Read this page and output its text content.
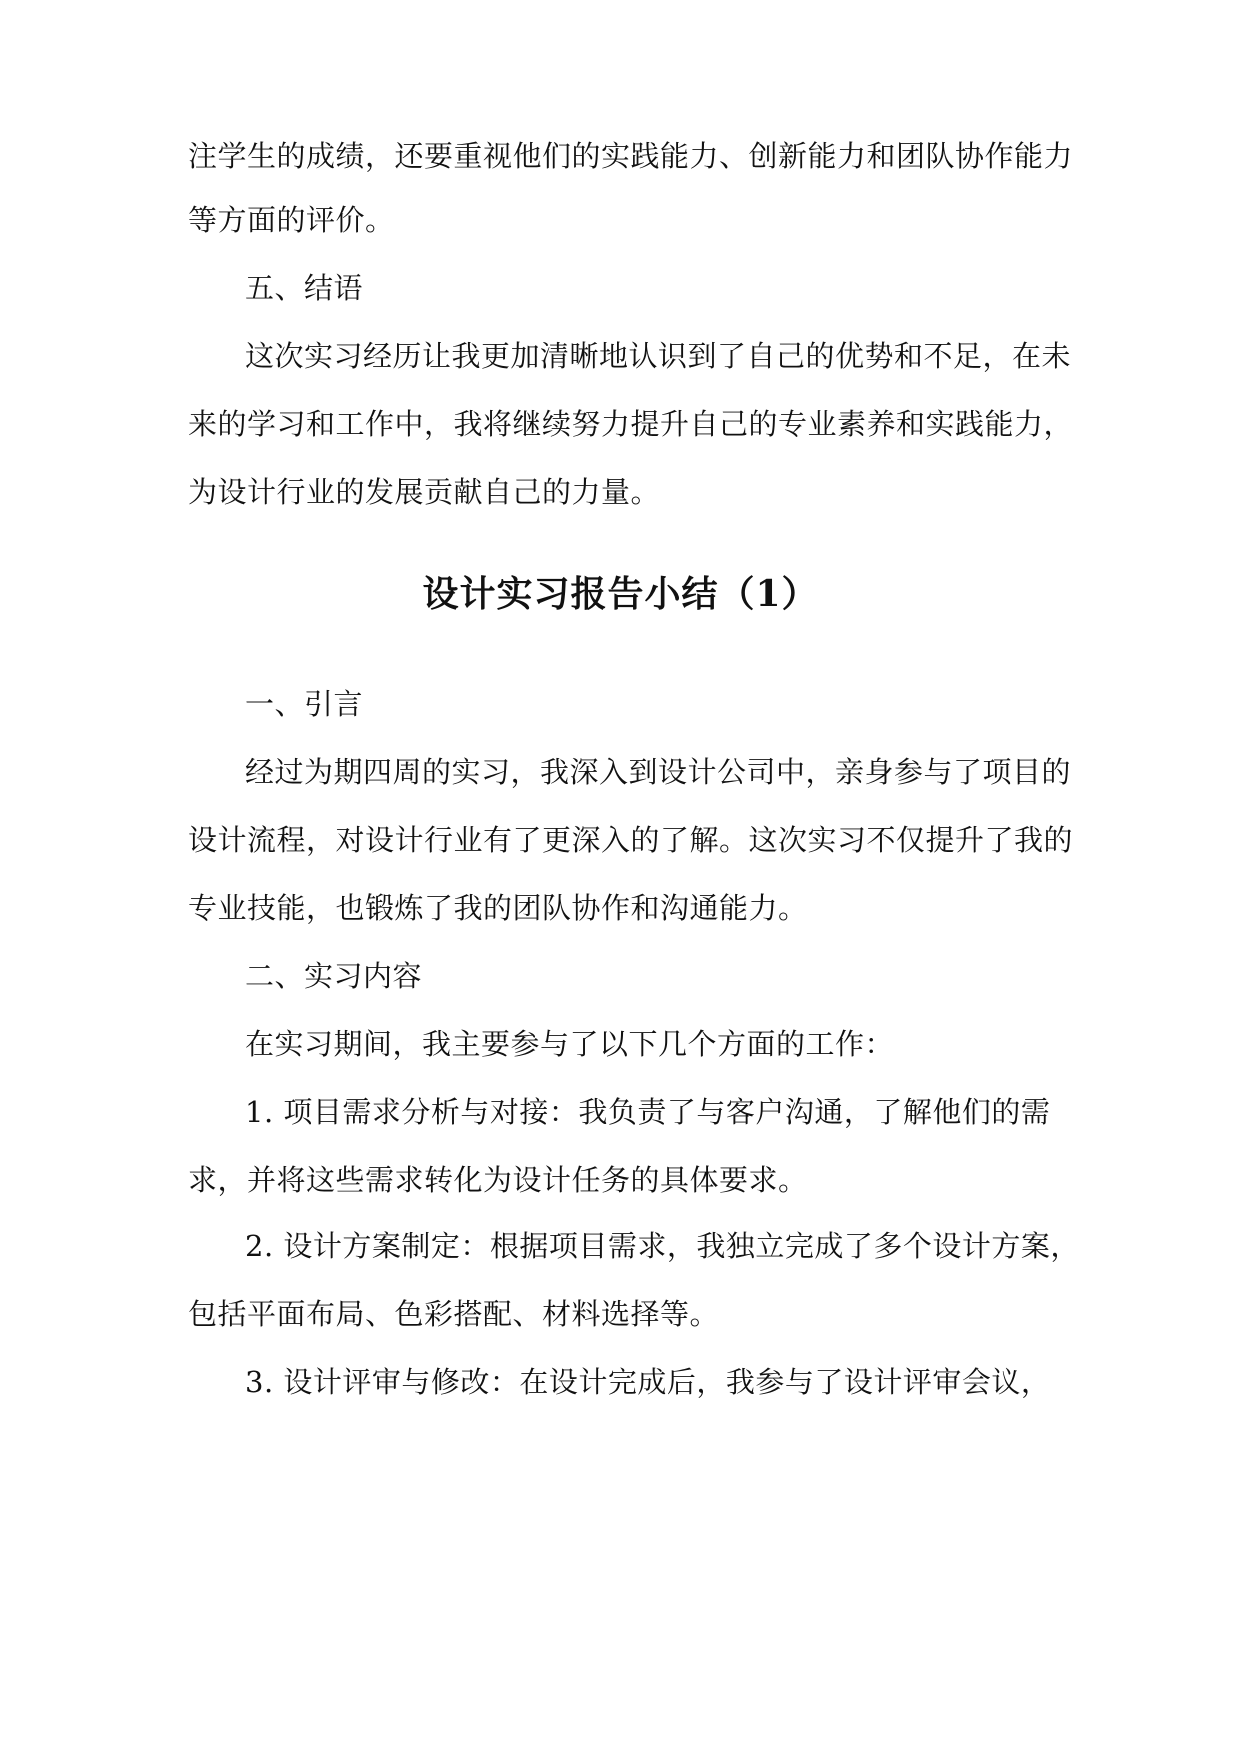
注学生的成绩，还要重视他们的实践能力、创新能力和团队协作能力
等方面的评价。
五、结语
这次实习经历让我更加清晰地认识到了自己的优势和不足，在未
来的学习和工作中，我将继续努力提升自己的专业素养和实践能力，
为设计行业的发展贡献自己的力量。
设计实习报告小结（1）
一、引言
经过为期四周的实习，我深入到设计公司中，亲身参与了项目的
设计流程，对设计行业有了更深入的了解。这次实习不仅提升了我的
专业技能，也锻炼了我的团队协作和沟通能力。
二、实习内容
在实习期间，我主要参与了以下几个方面的工作：
1. 项目需求分析与对接：我负责了与客户沟通，了解他们的需
求，并将这些需求转化为设计任务的具体要求。
2. 设计方案制定：根据项目需求，我独立完成了多个设计方案，
包括平面布局、色彩搭配、材料选择等。
3. 设计评审与修改：在设计完成后，我参与了设计评审会议，
